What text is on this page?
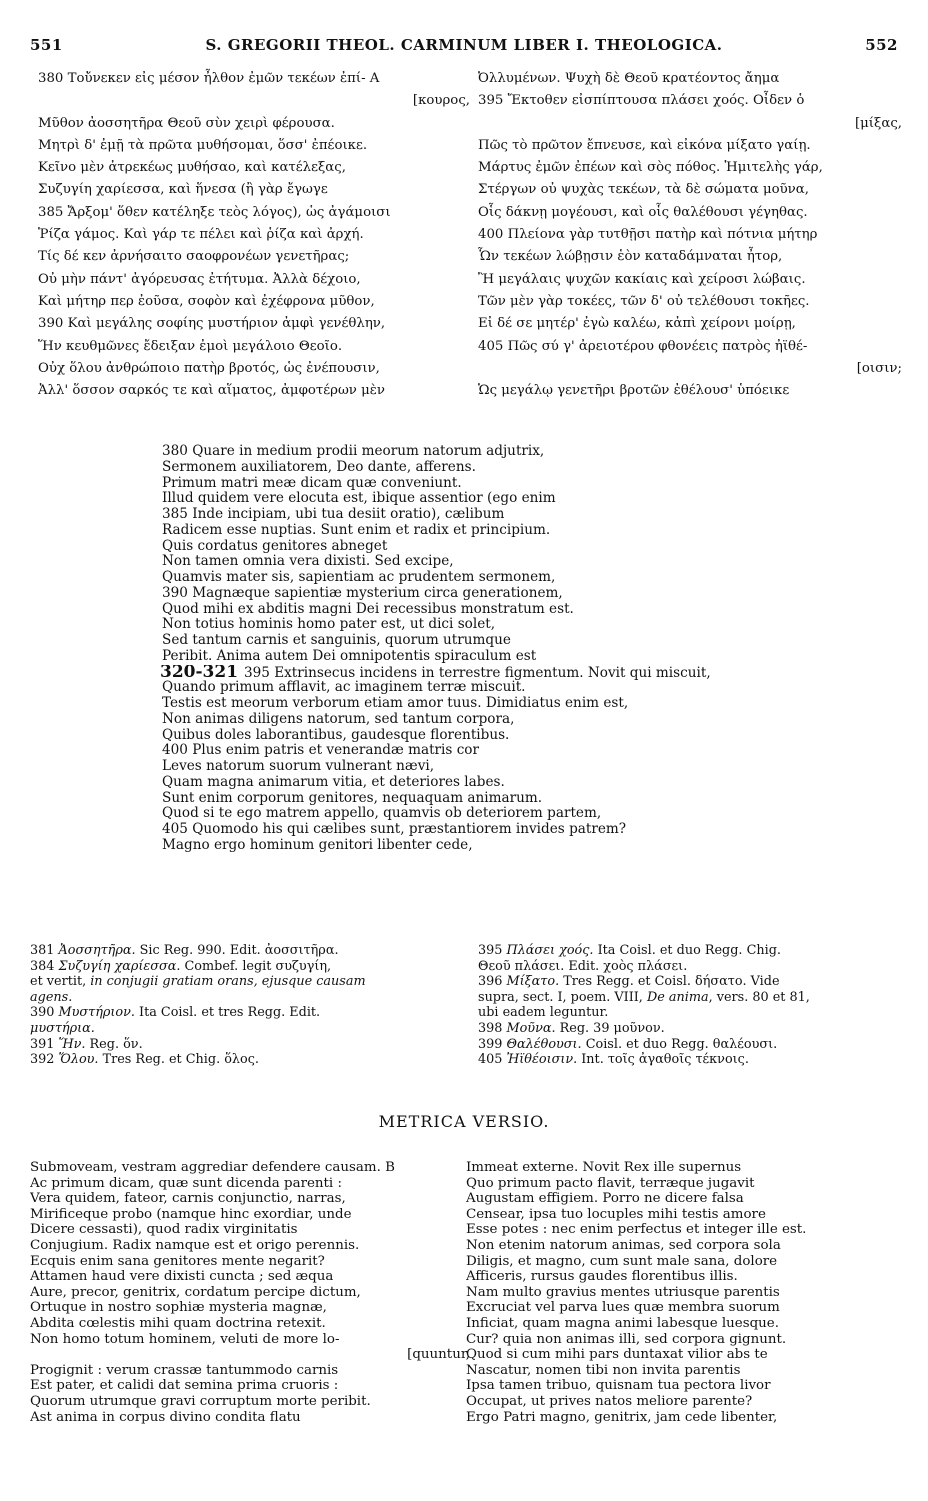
551	S. GREGORII THEOL. CARMINUM LIBER I. THEOLOGICA.	552
380 Τοὔνεκεν εἰς μέσον ἦλθον ἐμῶν τεκέων ἐπί- Α
[κουρος,
Μῦθον ἀοσσητῆρα Θεοῦ σὺν χειρὶ φέρουσα.
Μητρὶ δ' ἐμῇ τὰ πρῶτα μυθήσομαι, ὅσσ' ἐπέοικε.
Κεῖνο μὲν ἀτρεκέως μυθήσαο, καὶ κατέλεξας,
Συζυγίη χαρίεσσα, καὶ ἥνεσα (ἢ γὰρ ἔγωγε
385 Ἄρξομ' ὅθεν κατέληξε τεὸς λόγος), ὡς ἀγάμοισι
Ῥίζα γάμος. Καὶ γάρ τε πέλει καὶ ῥίζα καὶ ἀρχή.
Τίς δέ κεν ἀρνήσαιτο σαοφρονέων γενετῆρας;
Οὐ μὴν πάντ' ἀγόρευσας ἐτήτυμα. Ἀλλὰ δέχοιο,
Καὶ μήτηρ περ ἐοῦσα, σοφὸν καὶ ἐχέφρονα μῦθον,
390 Καὶ μεγάλης σοφίης μυστήριον ἀμφὶ γενέθλην,
Ἥν κευθμῶνες ἔδειξαν ἐμοὶ μεγάλοιο Θεοῖο.
Οὐχ ὅλου ἀνθρώποιο πατὴρ βροτός, ὡς ἐνέπουσιν,
Ἀλλ' ὅσσον σαρκός τε καὶ αἵματος, ἀμφοτέρων μὲν
Ὀλλυμένων. Ψυχὴ δὲ Θεοῦ κρατέοντος ἄημα
395 Ἔκτοθεν εἰσπίπτουσα πλάσει χοός. Οἶδεν ὁ
[μίξας,
Πῶς τὸ πρῶτον ἔπνευσε, καὶ εἰκόνα μίξατο γαίῃ.
Μάρτυς ἐμῶν ἐπέων καὶ σὸς πόθος. Ἡμιτελὴς γάρ,
Στέργων οὐ ψυχὰς τεκέων, τὰ δὲ σώματα μοῦνα,
Οἷς δάκνῃ μογέουσι, καὶ οἷς θαλέθουσι γέγηθας.
400 Πλείονα γὰρ τυτθῇσι πατὴρ καὶ πότνια μήτηρ
Ὧν τεκέων λώβῃσιν ἑὸν καταδάμναται ἦτορ,
Ἢ μεγάλαις ψυχῶν κακίαις καὶ χείροσι λώβαις.
Τῶν μὲν γὰρ τοκέες, τῶν δ' οὐ τελέθουσι τοκῆες.
Εἰ δέ σε μητέρ' ἐγὼ καλέω, κἀπὶ χείρονι μοίρῃ,
405 Πῶς σύ γ' ἀρειοτέρου φθονέεις πατρὸς ἠϊθέ-
[οισιν;
Ὡς μεγάλῳ γενετῆρι βροτῶν ἐθέλουσ' ὑπόεικε
380 Quare in medium prodii meorum natorum adjutrix,
Sermonem auxiliatorem, Deo dante, afferens.
Primum matri meæ dicam quæ conveniunt.
Illud quidem vere elocuta est, ibique assentior (ego enim
385 Inde incipiam, ubi tua desiit oratio), cælibum
Radicem esse nuptias. Sunt enim et radix et principium.
Quis cordatus genitores abneget
Non tamen omnia vera dixisti. Sed excipe,
Quamvis mater sis, sapientiam ac prudentem sermonem,
390 Magnæque sapientiæ mysterium circa generationem,
Quod mihi ex abditis magni Dei recessibus monstratum est.
Non totius hominis homo pater est, ut dici solet,
Sed tantum carnis et sanguinis, quorum utrumque
Peribit. Anima autem Dei omnipotentis spiraculum est
320-321 395 Extrinsecus incidens in terrestre figmentum. Novit qui miscuit,
Quando primum afflavit, ac imaginem terræ miscuit.
Testis est meorum verborum etiam amor tuus. Dimidiatus enim est,
Non animas diligens natorum, sed tantum corpora,
Quibus doles laborantibus, gaudesque florentibus.
400 Plus enim patris et venerandæ matris cor
Leves natorum suorum vulnerant nævi,
Quam magna animarum vitia, et deteriores labes.
Sunt enim corporum genitores, nequaquam animarum.
Quod si te ego matrem appello, quamvis ob deteriorem partem,
405 Quomodo his qui cælibes sunt, præstantiorem invides patrem?
Magno ergo hominum genitori libenter cede,
381 Ἀοσσητῆρα. Sic Reg. 990. Edit. ἀοσσιτῆρα.
384 Συζυγίη χαρίεσσα. Combef. legit συζυγίη,
et vertit, in conjugii gratiam orans, ejusque causam
agens.
390 Μυστήριον. Ita Coisl. et tres Regg. Edit.
μυστήρια.
391 Ἥν. Reg. ὅν.
392 Ὅλου. Tres Reg. et Chig. ὅλος.
395 Πλάσει χοός. Ita Coisl. et duo Regg. Chig.
Θεοῦ πλάσει. Edit. χοὸς πλάσει.
396 Μίξατο. Tres Regg. et Coisl. δήσατο. Vide
supra, sect. I, poem. VIII, De anima, vers. 80 et 81,
ubi eadem leguntur.
398 Μοῦνα. Reg. 39 μοῦνον.
399 Θαλέθουσι. Coisl. et duo Regg. θαλέουσι.
405 Ἠϊθέοισιν. Int. τοῖς ἀγαθοῖς τέκνοις.
METRICA VERSIO.
Submoveam, vestram aggrediar defendere causam. B
Ac primum dicam, quæ sunt dicenda parenti :
Vera quidem, fateor, carnis conjunctio, narras,
Mirificeque probo (namque hinc exordiar, unde
Dicere cessasti), quod radix virginitatis
Conjugium. Radix namque est et origo perennis.
Ecquis enim sana genitores mente negarit?
Attamen haud vere dixisti cuncta ; sed æqua
Aure, precor, genitrix, cordatum percipe dictum,
Ortuque in nostro sophiæ mysteria magnæ,
Abdita cœlestis mihi quam doctrina retexit.
Non homo totum hominem, veluti de more lo-
[quuntur,
Progignit : verum crassæ tantummodo carnis
Est pater, et calidi dat semina prima cruoris :
Quorum utrumque gravi corruptum morte peribit.
Ast anima in corpus divino condita flatu
Immeat externe. Novit Rex ille supernus
Quo primum pacto flavit, terræque jugavit
Augustam effigiem. Porro ne dicere falsa
Censear, ipsa tuo locuples mihi testis amore
Esse potes : nec enim perfectus et integer ille est.
Non etenim natorum animas, sed corpora sola
Diligis, et magno, cum sunt male sana, dolore
Afficeris, rursus gaudes florentibus illis.
Nam multo gravius mentes utriusque parentis
Excruciat vel parva lues quæ membra suorum
Inficiat, quam magna animi labesque luesque.
Cur? quia non animas illi, sed corpora gignunt.
Quod si cum mihi pars duntaxat vilior abs te
Nascatur, nomen tibi non invita parentis
Ipsa tamen tribuo, quisnam tua pectora livor
Occupat, ut prives natos meliore parente?
Ergo Patri magno, genitrix, jam cede libenter,
